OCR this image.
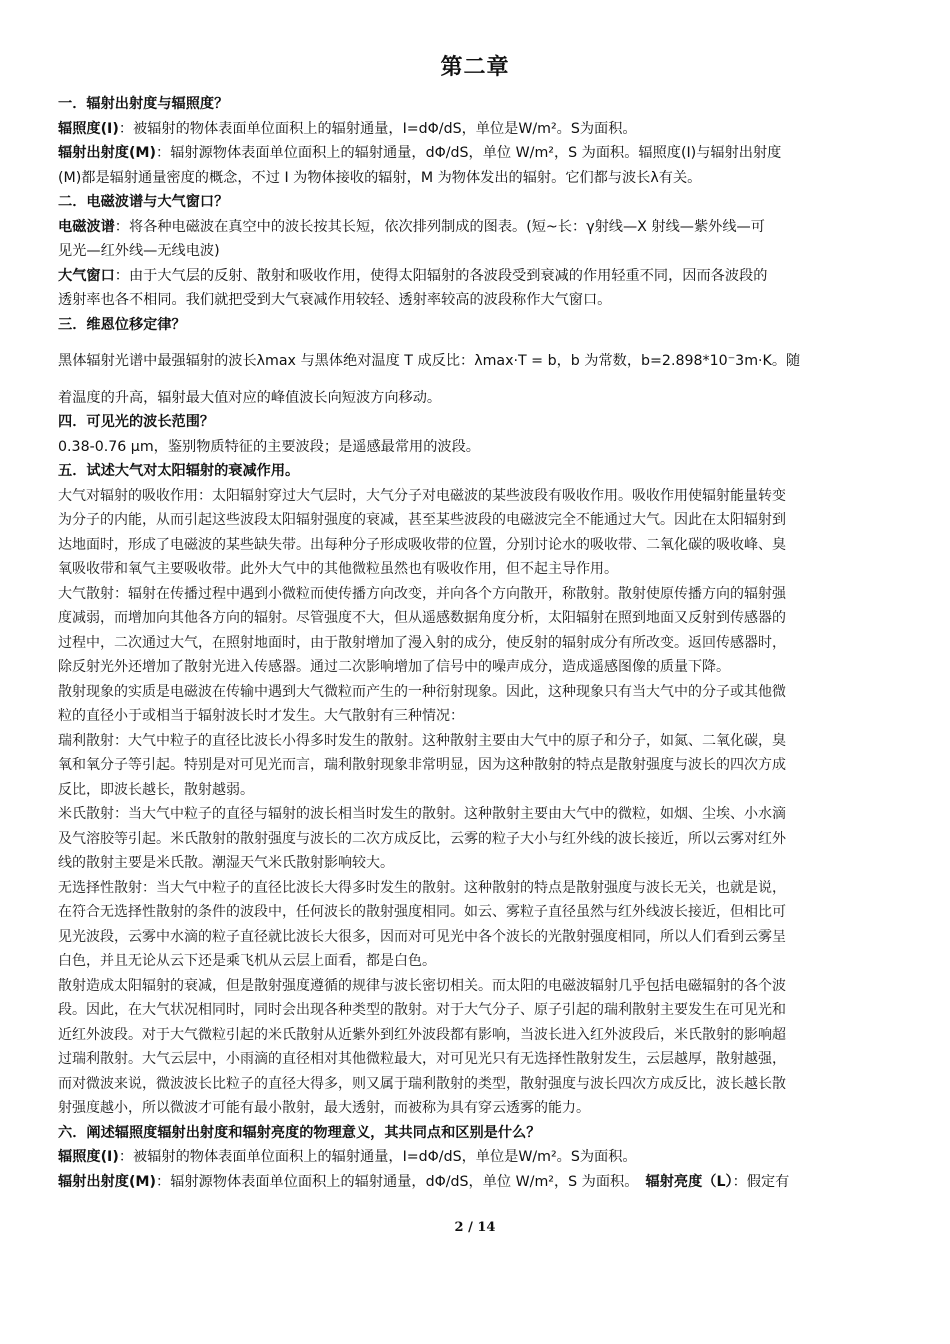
第二章
一．辐射出射度与辐照度？
辐照度(I)：被辐射的物体表面单位面积上的辐射通量，I=dΦ/dS，单位是W/m²。S为面积。
辐射出射度(M)：辐射源物体表面单位面积上的辐射通量，dΦ/dS，单位 W/m²，S 为面积。辐照度(I)与辐射出射度
(M)都是辐射通量密度的概念，不过 I 为物体接收的辐射，M 为物体发出的辐射。它们都与波长λ有关。
二．电磁波谱与大气窗口？
电磁波谱：将各种电磁波在真空中的波长按其长短，依次排列制成的图表。(短~长：γ射线—X 射线—紫外线—可
见光—红外线—无线电波)
大气窗口：由于大气层的反射、散射和吸收作用，使得太阳辐射的各波段受到衰减的作用轻重不同，因而各波段的
透射率也各不相同。我们就把受到大气衰减作用较轻、透射率较高的波段称作大气窗口。
三．维恩位移定律？
黑体辐射光谱中最强辐射的波长λmax 与黑体绝对温度 T 成反比：λmax·T = b，b 为常数，b=2.898*10⁻3m·K。随
着温度的升高，辐射最大值对应的峰值波长向短波方向移动。
四．可见光的波长范围？
0.38-0.76 μm，鉴别物质特征的主要波段；是遥感最常用的波段。
五．试述大气对太阳辐射的衰减作用。
大气对辐射的吸收作用：太阳辐射穿过大气层时，大气分子对电磁波的某些波段有吸收作用。吸收作用使辐射能量转变
为分子的内能，从而引起这些波段太阳辐射强度的衰减，甚至某些波段的电磁波完全不能通过大气。因此在太阳辐射到
达地面时，形成了电磁波的某些缺失带。出每种分子形成吸收带的位置，分别讨论水的吸收带、二氧化碳的吸收峰、臭
氧吸收带和氧气主要吸收带。此外大气中的其他微粒虽然也有吸收作用，但不起主导作用。
大气散射：辐射在传播过程中遇到小微粒而使传播方向改变，并向各个方向散开，称散射。散射使原传播方向的辐射强
度减弱，而增加向其他各方向的辐射。尽管强度不大，但从遥感数据角度分析，太阳辐射在照到地面又反射到传感器的
过程中，二次通过大气，在照射地面时，由于散射增加了漫入射的成分，使反射的辐射成分有所改变。返回传感器时，
除反射光外还增加了散射光进入传感器。通过二次影响增加了信号中的噪声成分，造成遥感图像的质量下降。
散射现象的实质是电磁波在传输中遇到大气微粒而产生的一种衍射现象。因此，这种现象只有当大气中的分子或其他微
粒的直径小于或相当于辐射波长时才发生。大气散射有三种情况：
瑞利散射：大气中粒子的直径比波长小得多时发生的散射。这种散射主要由大气中的原子和分子，如氮、二氧化碳，臭
氧和氧分子等引起。特别是对可见光而言，瑞利散射现象非常明显，因为这种散射的特点是散射强度与波长的四次方成
反比，即波长越长，散射越弱。
米氏散射：当大气中粒子的直径与辐射的波长相当时发生的散射。这种散射主要由大气中的微粒，如烟、尘埃、小水滴
及气溶胶等引起。米氏散射的散射强度与波长的二次方成反比，云雾的粒子大小与红外线的波长接近，所以云雾对红外
线的散射主要是米氏散。潮湿天气米氏散射影响较大。
无选择性散射：当大气中粒子的直径比波长大得多时发生的散射。这种散射的特点是散射强度与波长无关，也就是说，
在符合无选择性散射的条件的波段中，任何波长的散射强度相同。如云、雾粒子直径虽然与红外线波长接近，但相比可
见光波段，云雾中水滴的粒子直径就比波长大很多，因而对可见光中各个波长的光散射强度相同，所以人们看到云雾呈
白色，并且无论从云下还是乘飞机从云层上面看，都是白色。
散射造成太阳辐射的衰减，但是散射强度遵循的规律与波长密切相关。而太阳的电磁波辐射几乎包括电磁辐射的各个波
段。因此，在大气状况相同时，同时会出现各种类型的散射。对于大气分子、原子引起的瑞利散射主要发生在可见光和
近红外波段。对于大气微粒引起的米氏散射从近紫外到红外波段都有影响，当波长进入红外波段后，米氏散射的影响超
过瑞利散射。大气云层中，小雨滴的直径相对其他微粒最大，对可见光只有无选择性散射发生，云层越厚，散射越强，
而对微波来说，微波波长比粒子的直径大得多，则又属于瑞利散射的类型，散射强度与波长四次方成反比，波长越长散
射强度越小，所以微波才可能有最小散射，最大透射，而被称为具有穿云透雾的能力。
六．阐述辐照度辐射出射度和辐射亮度的物理意义，其共同点和区别是什么？
辐照度(I)：被辐射的物体表面单位面积上的辐射通量，I=dΦ/dS，单位是W/m²。S为面积。
辐射出射度(M)：辐射源物体表面单位面积上的辐射通量，dΦ/dS，单位 W/m²，S 为面积。　辐射亮度（L）：假定有
2 / 14
